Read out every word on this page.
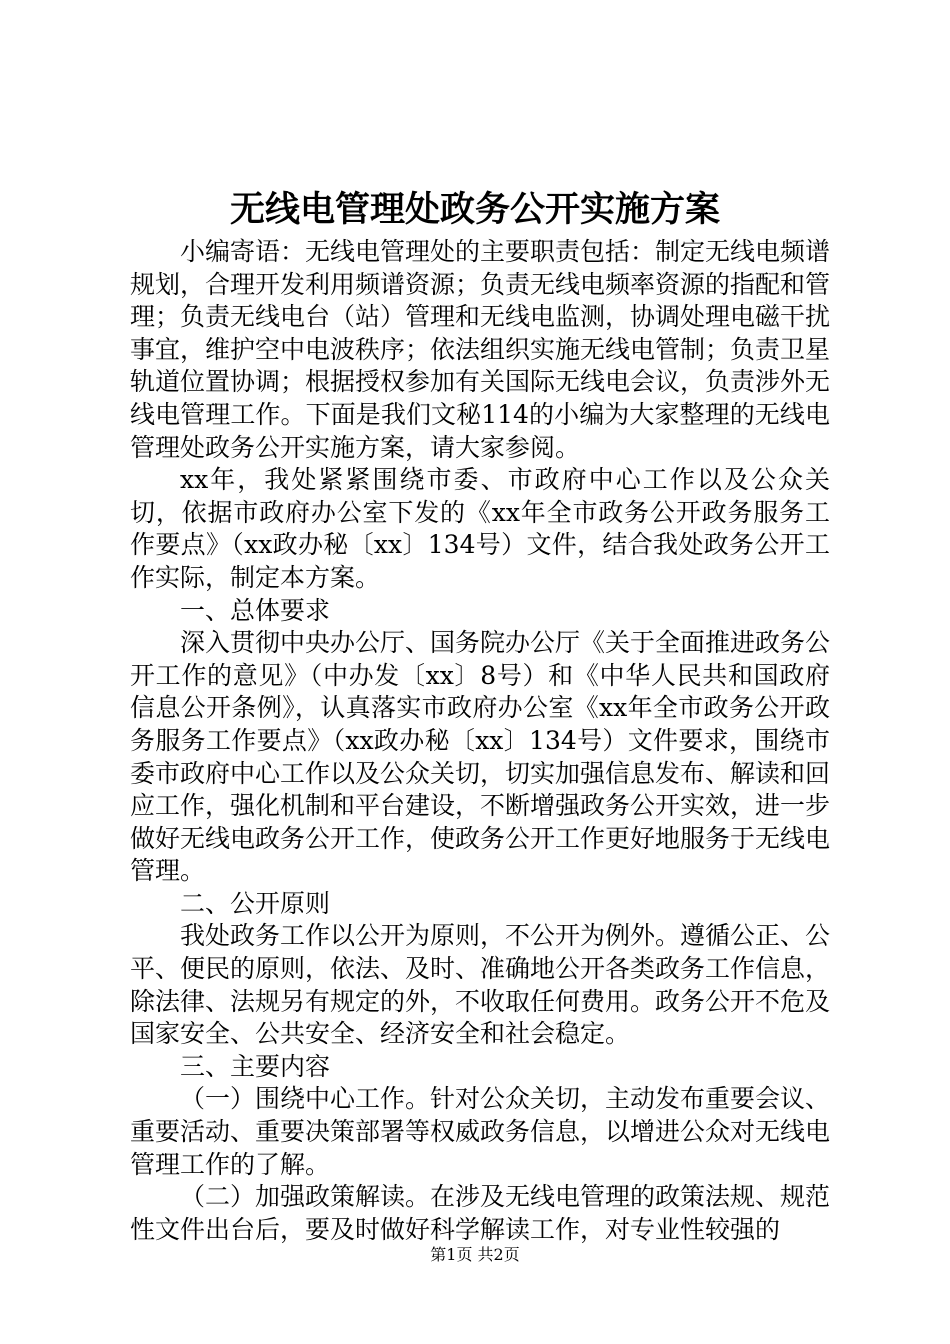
无线电管理处政务公开实施方案

小编寄语：无线电管理处的主要职责包括：制定无线电频谱规划，合理开发利用频谱资源；负责无线电频率资源的指配和管理；负责无线电台（站）管理和无线电监测，协调处理电磁干扰事宜，维护空中电波秩序；依法组织实施无线电管制；负责卫星轨道位置协调；根据授权参加有关国际无线电会议，负责涉外无线电管理工作。下面是我们文秘114的小编为大家整理的无线电管理处政务公开实施方案，请大家参阅。

xx年，我处紧紧围绕市委、市政府中心工作以及公众关切，依据市政府办公室下发的《xx年全市政务公开政务服务工作要点》（xx政办秘〔xx〕134号）文件，结合我处政务公开工作实际，制定本方案。

一、总体要求

深入贯彻中央办公厅、国务院办公厅《关于全面推进政务公开工作的意见》（中办发〔xx〕8号）和《中华人民共和国政府信息公开条例》，认真落实市政府办公室《xx年全市政务公开政务服务工作要点》（xx政办秘〔xx〕134号）文件要求，围绕市委市政府中心工作以及公众关切，切实加强信息发布、解读和回应工作，强化机制和平台建设，不断增强政务公开实效，进一步做好无线电政务公开工作，使政务公开工作更好地服务于无线电管理。

二、公开原则

我处政务工作以公开为原则，不公开为例外。遵循公正、公平、便民的原则，依法、及时、准确地公开各类政务工作信息，除法律、法规另有规定的外，不收取任何费用。政务公开不危及国家安全、公共安全、经济安全和社会稳定。

三、主要内容

（一）围绕中心工作。针对公众关切，主动发布重要会议、重要活动、重要决策部署等权威政务信息，以增进公众对无线电管理工作的了解。

（二）加强政策解读。在涉及无线电管理的政策法规、规范性文件出台后，要及时做好科学解读工作，对专业性较强的

第1页 共2页
